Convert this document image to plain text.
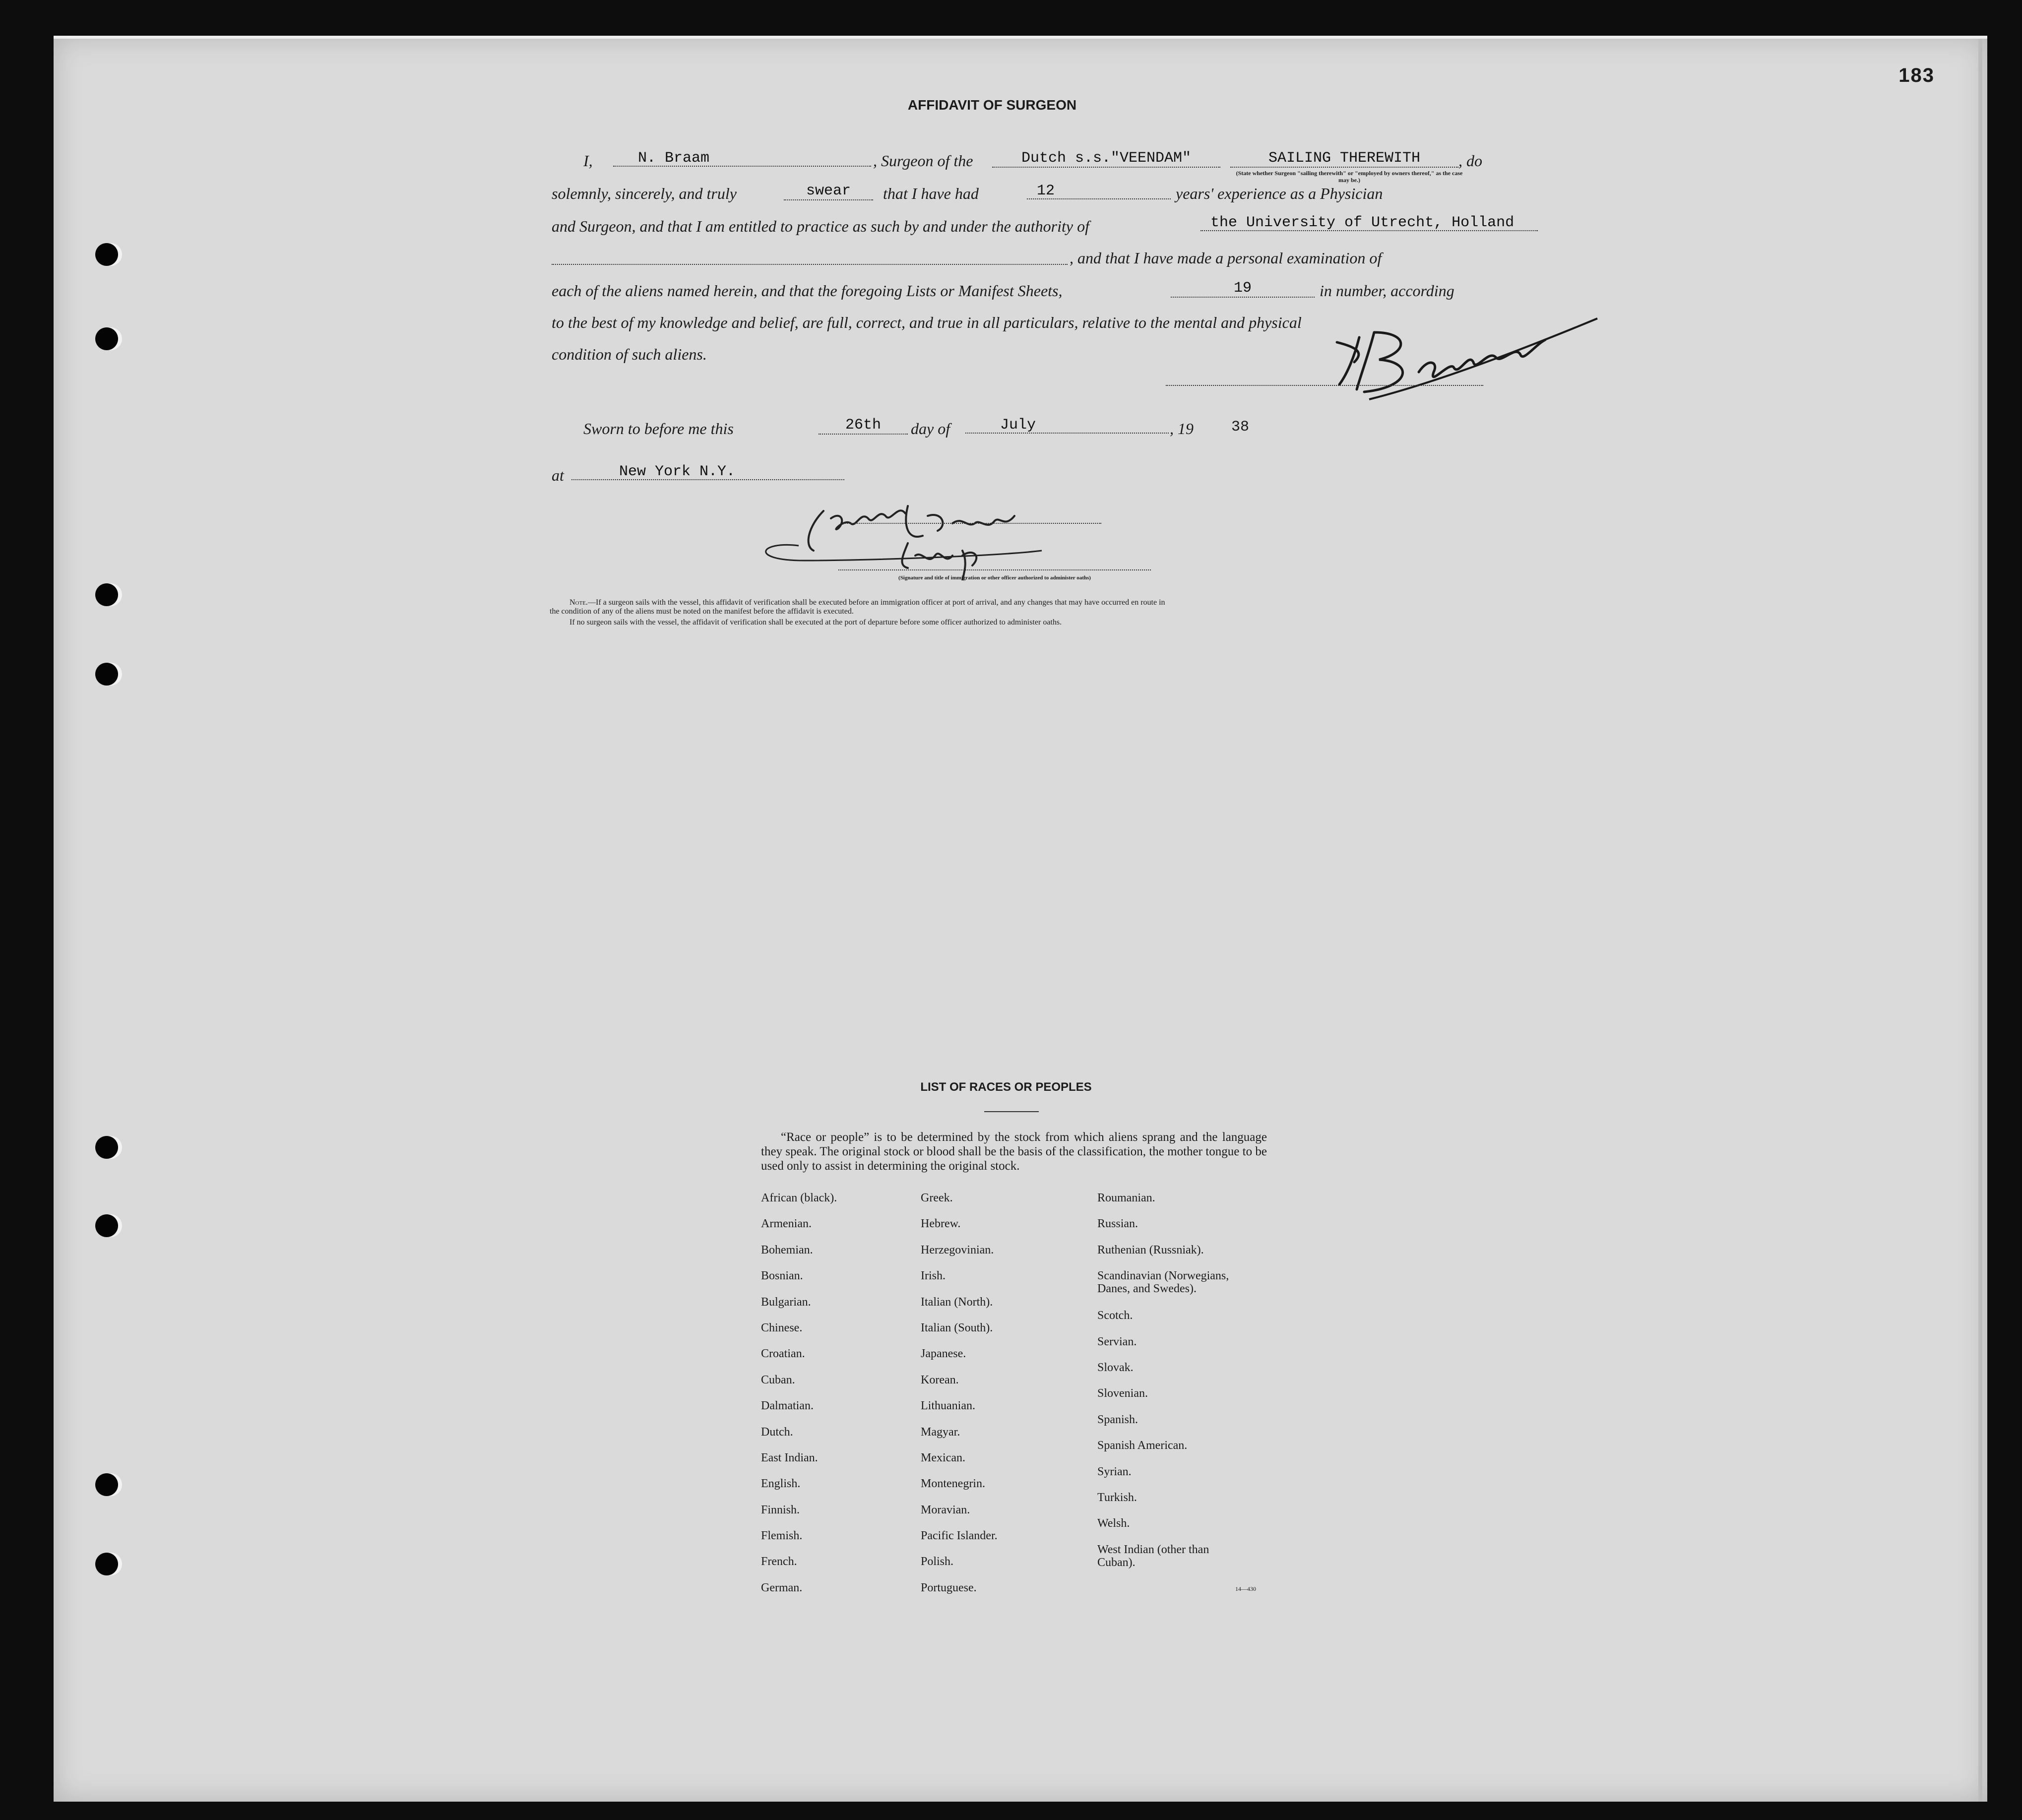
183
AFFIDAVIT OF SURGEON
I,	N. Braam	, Surgeon of the	Dutch s.s."VEENDAM"	SAILING THEREWITH	, do
(State whether Surgeon "sailing therewith" or "employed by owners thereof," as the case may be.)
solemnly, sincerely, and truly	swear	that I have had	12	years' experience as a Physician
and Surgeon, and that I am entitled to practice as such by and under the authority of	the University of Utrecht, Holland
, and that I have made a personal examination of
each of the aliens named herein, and that the foregoing Lists or Manifest Sheets,	19	in number, according
to the best of my knowledge and belief, are full, correct, and true in all particulars, relative to the mental and physical
condition of such aliens.
Sworn to before me this	26th	day of	July	, 19	38
at	New York N.Y.
(Signature and title of immigration or other officer authorized to administer oaths)
Note.—If a surgeon sails with the vessel, this affidavit of verification shall be executed before an immigration officer at port of arrival, and any changes that may have occurred en route in
the condition of any of the aliens must be noted on the manifest before the affidavit is executed.
If no surgeon sails with the vessel, the affidavit of verification shall be executed at the port of departure before some officer authorized to administer oaths.
LIST OF RACES OR PEOPLES
“Race or people” is to be determined by the stock from which aliens sprang and the language they speak. The original stock or blood shall be the basis of the classification, the mother tongue to be used only to assist in determining the original stock.
African (black).
Armenian.
Bohemian.
Bosnian.
Bulgarian.
Chinese.
Croatian.
Cuban.
Dalmatian.
Dutch.
East Indian.
English.
Finnish.
Flemish.
French.
German.
Greek.
Hebrew.
Herzegovinian.
Irish.
Italian (North).
Italian (South).
Japanese.
Korean.
Lithuanian.
Magyar.
Mexican.
Montenegrin.
Moravian.
Pacific Islander.
Polish.
Portuguese.
Roumanian.
Russian.
Ruthenian (Russniak).
Scandinavian (Norwegians,
Danes, and Swedes).
Scotch.
Servian.
Slovak.
Slovenian.
Spanish.
Spanish American.
Syrian.
Turkish.
Welsh.
West Indian (other than
Cuban).
14—430
